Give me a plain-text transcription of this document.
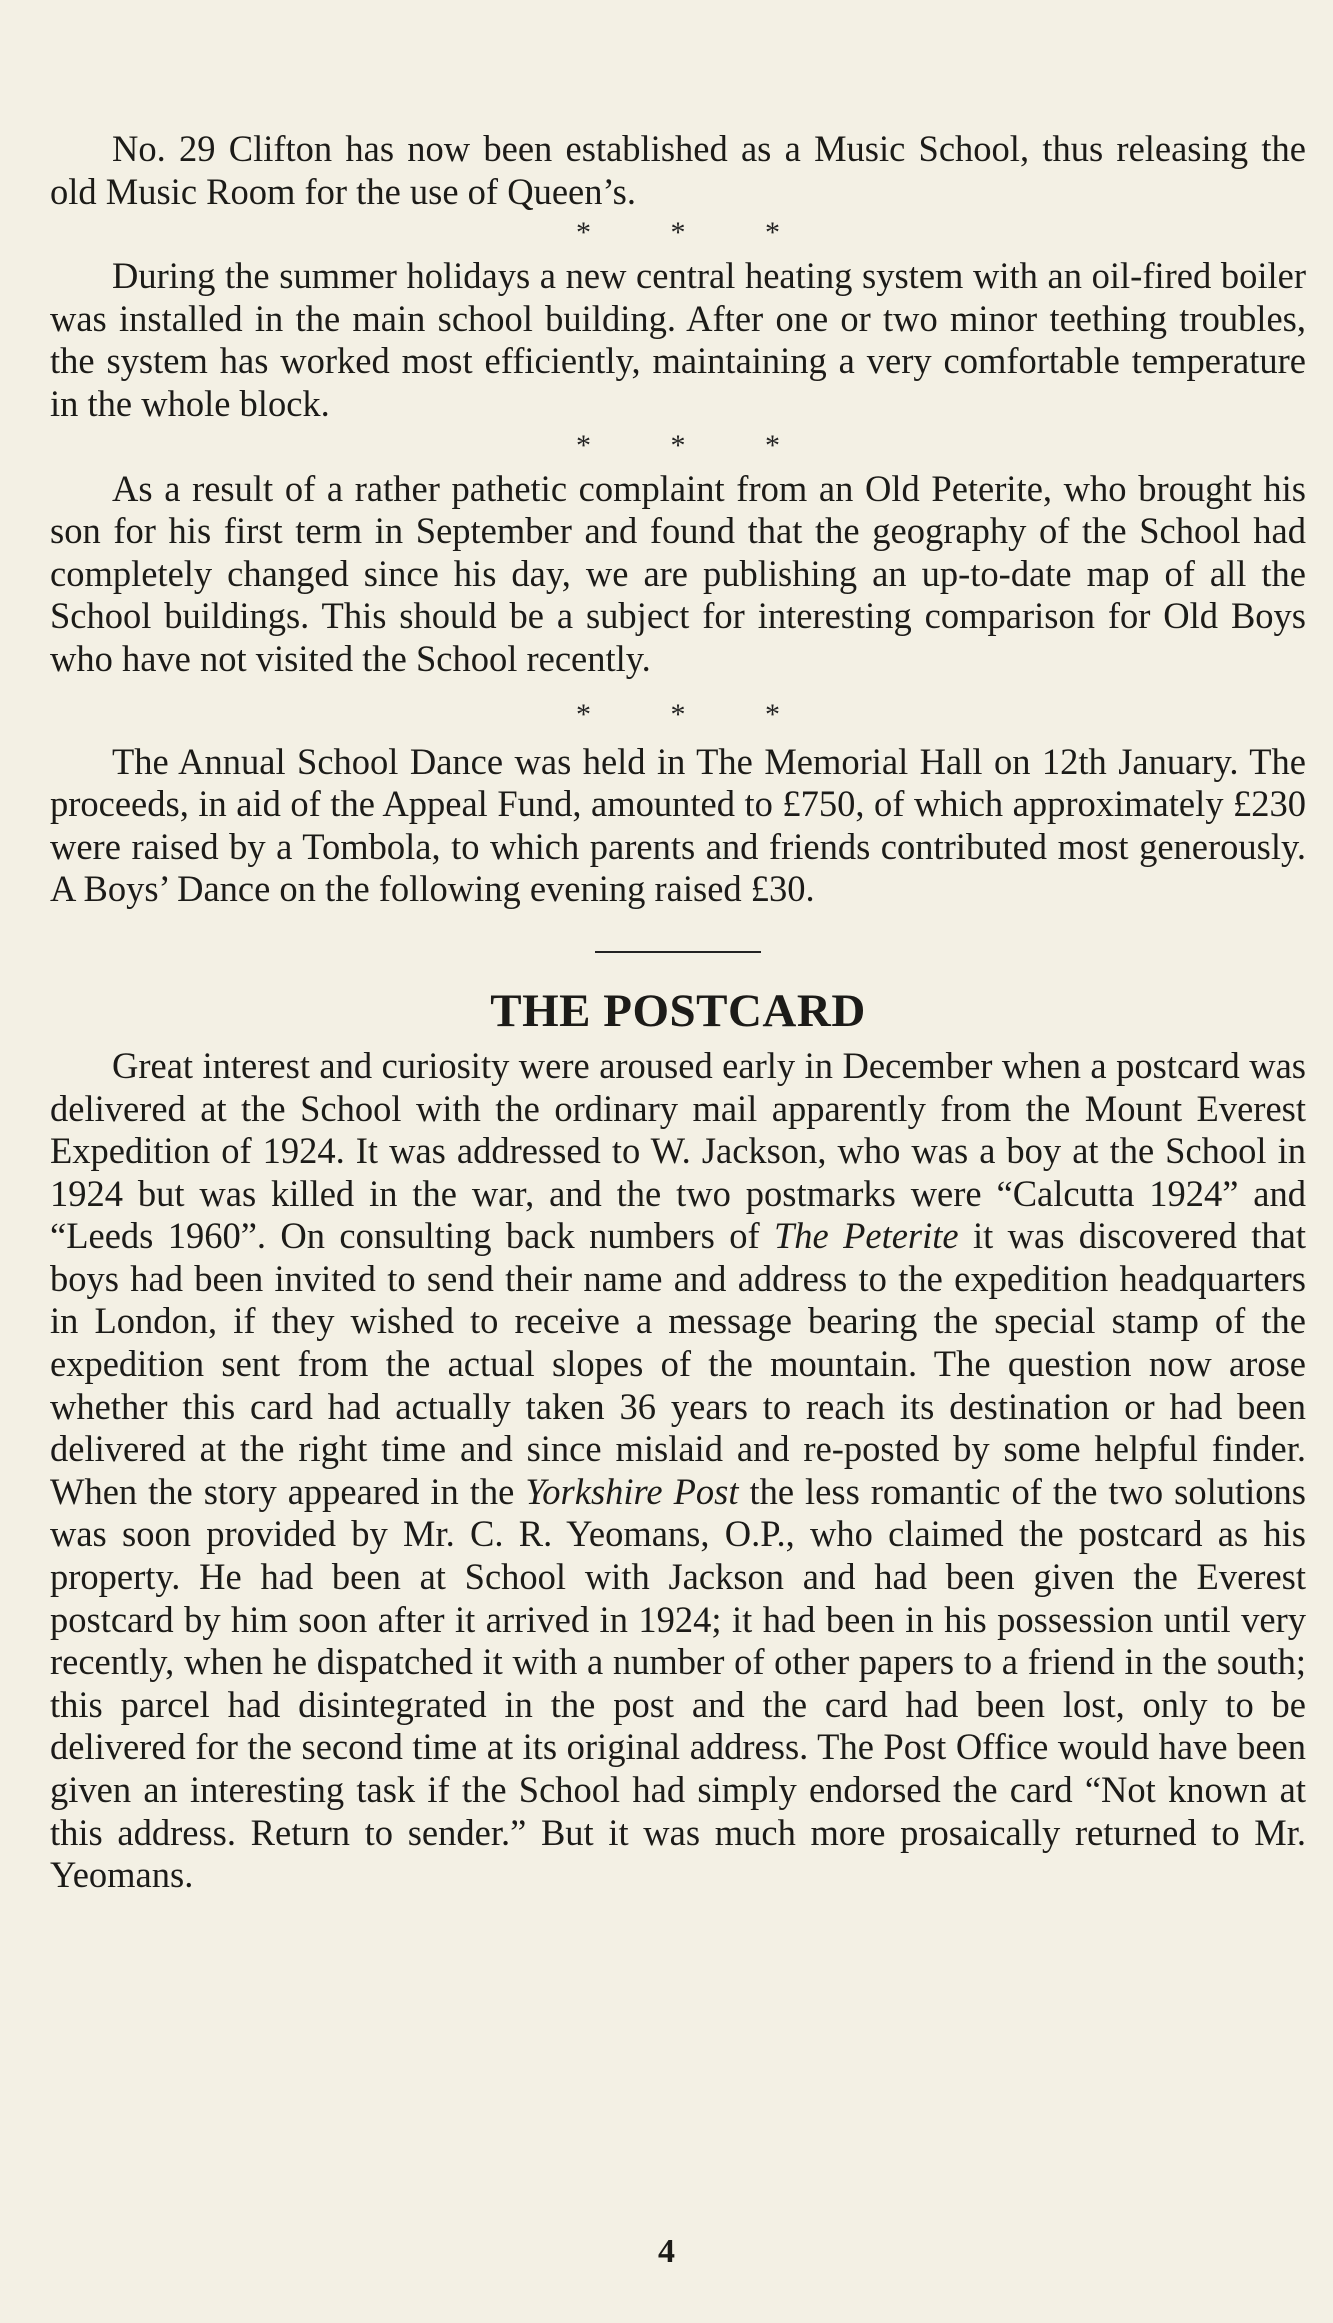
No. 29 Clifton has now been established as a Music School, thus releasing the old Music Room for the use of Queen’s.

* * *

During the summer holidays a new central heating system with an oil-fired boiler was installed in the main school building. After one or two minor teething troubles, the system has worked most efficiently, maintaining a very comfortable temperature in the whole block.

* * *

As a result of a rather pathetic complaint from an Old Peterite, who brought his son for his first term in September and found that the geography of the School had completely changed since his day, we are publishing an up-to-date map of all the School buildings. This should be a subject for interesting comparison for Old Boys who have not visited the School recently.

* * *

The Annual School Dance was held in The Memorial Hall on 12th January. The proceeds, in aid of the Appeal Fund, amounted to £750, of which approximately £230 were raised by a Tombola, to which parents and friends contributed most generously. A Boys’ Dance on the following evening raised £30.

THE POSTCARD

Great interest and curiosity were aroused early in December when a postcard was delivered at the School with the ordinary mail apparently from the Mount Everest Expedition of 1924. It was addressed to W. Jackson, who was a boy at the School in 1924 but was killed in the war, and the two postmarks were “Calcutta 1924” and “Leeds 1960”. On consulting back numbers of The Peterite it was discovered that boys had been invited to send their name and address to the expedition headquarters in London, if they wished to receive a message bearing the special stamp of the expedition sent from the actual slopes of the mountain. The question now arose whether this card had actually taken 36 years to reach its destination or had been delivered at the right time and since mislaid and re-posted by some helpful finder. When the story appeared in the Yorkshire Post the less romantic of the two solutions was soon provided by Mr. C. R. Yeomans, O.P., who claimed the postcard as his property. He had been at School with Jackson and had been given the Everest postcard by him soon after it arrived in 1924; it had been in his possession until very recently, when he dispatched it with a number of other papers to a friend in the south; this parcel had disintegrated in the post and the card had been lost, only to be delivered for the second time at its original address. The Post Office would have been given an interesting task if the School had simply endorsed the card “Not known at this address. Return to sender.” But it was much more prosaically returned to Mr. Yeomans.

4
